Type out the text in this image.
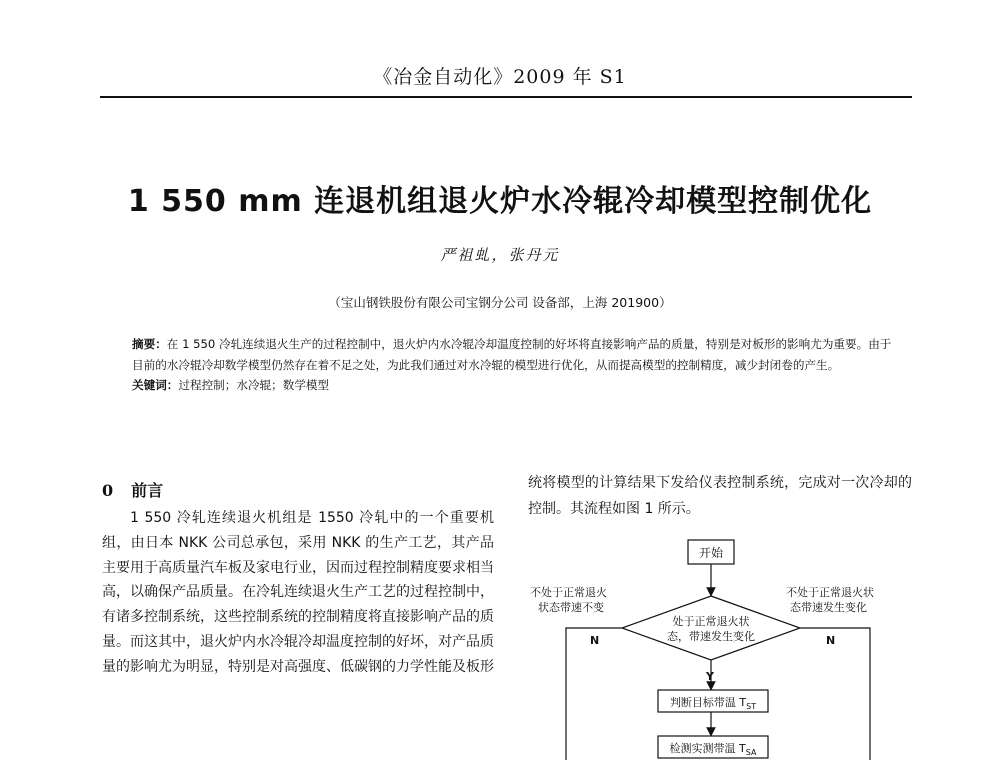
《冶金自动化》2009 年 S1
1 550 mm 连退机组退火炉水冷辊冷却模型控制优化
严祖虬，张丹元
（宝山钢铁股份有限公司宝钢分公司 设备部，上海 201900）

摘要：在 1 550 冷轧连续退火生产的过程控制中，退火炉内水冷辊冷却温度控制的好坏将直接影响产品的质量，特别是对板形的影响尤为重要。由于目前的水冷辊冷却数学模型仍然存在着不足之处，为此我们通过对水冷辊的模型进行优化，从而提高模型的控制精度，减少封闭卷的产生。

关键词：过程控制；水冷辊；数学模型

0 前言

1 550 冷轧连续退火机组是 1550 冷轧中的一个重要机组，由日本 NKK 公司总承包，采用 NKK 的生产工艺，其产品主要用于高质量汽车板及家电行业，因而过程控制精度要求相当高，以确保产品质量。在冷轧连续退火生产工艺的过程控制中，有诸多控制系统，这些控制系统的控制精度将直接影响产品的质量。而这其中，退火炉内水冷辊冷却温度控制的好坏，对产品质量的影响尤为明显，特别是对高强度、低碳钢的力学性能及板形

统将模型的计算结果下发给仪表控制系统，完成对一次冷却的控制。其流程如图 1 所示。

开始
处于正常退火状
态，带速发生变化
不处于正常退火
状态带速不变
不处于正常退火状
态带速发生变化
N	N
Y
判断目标带温 $T_{ST}$
检测实测带温 $T_{SA}$
